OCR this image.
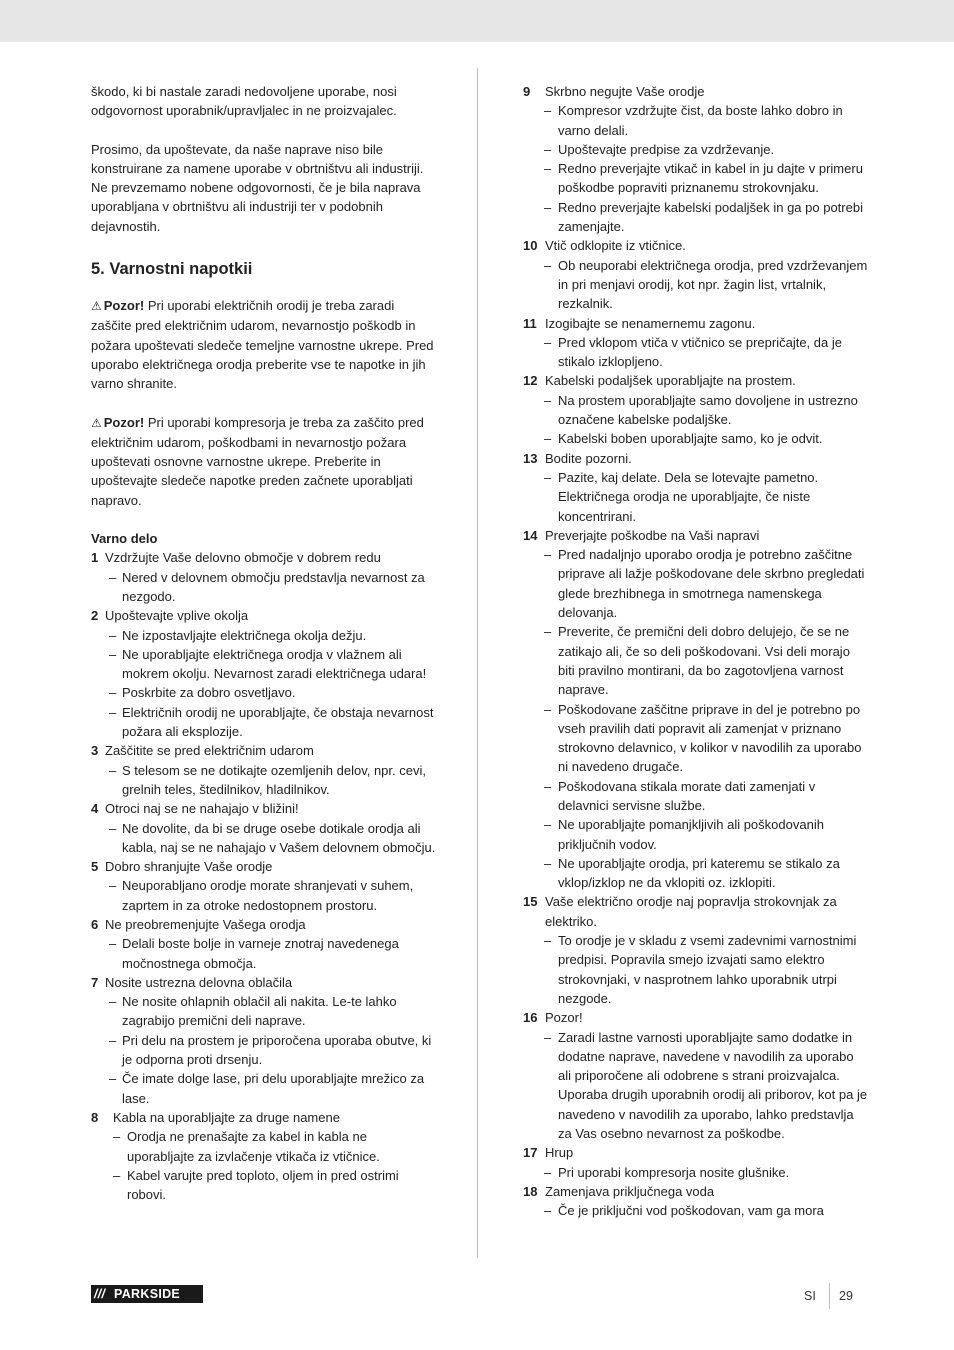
škodo, ki bi nastale zaradi nedovoljene uporabe, nosi odgovornost uporabnik/upravljalec in ne proizvajalec.

Prosimo, da upoštevate, da naše naprave niso bile konstruirane za namene uporabe v obrtništvu ali industriji. Ne prevzemamo nobene odgovornosti, če je bila naprava uporabljana v obrtništvu ali industriji ter v podobnih dejavnostih.

5. Varnostni napotkii

⚠ Pozor! Pri uporabi električnih orodij je treba zaradi zaščite pred električnim udarom, nevarnostjo poškodb in požara upoštevati sledeče temeljne varnostne ukrepe. Pred uporabo električnega orodja preberite vse te napotke in jih varno shranite.

⚠ Pozor! Pri uporabi kompresorja je treba za zaščito pred električnim udarom, poškodbami in nevarnostjo požara upoštevati osnovne varnostne ukrepe. Preberite in upoštevajte sledeče napotke preden začnete uporabljati napravo.

Varno delo

1 Vzdržujte Vaše delovno območje v dobrem redu
– Nered v delovnem območju predstavlja nevarnost za nezgodo.
2 Upoštevajte vplive okolja
– Ne izpostavljajte električnega okolja dežju.
– Ne uporabljajte električnega orodja v vlažnem ali mokrem okolju. Nevarnost zaradi električnega udara!
– Poskrbite za dobro osvetljavo.
– Električnih orodij ne uporabljajte, če obstaja nevarnost požara ali eksplozije.
3 Zaščitite se pred električnim udarom
– S telesom se ne dotikajte ozemljenih delov, npr. cevi, grelnih teles, štedilnikov, hladilnikov.
4 Otroci naj se ne nahajajo v bližini!
– Ne dovolite, da bi se druge osebe dotikale orodja ali kabla, naj se ne nahajajo v Vašem delovnem območju.
5 Dobro shranjujte Vaše orodje
– Neuporabljano orodje morate shranjevati v suhem, zaprtem in za otroke nedostopnem prostoru.
6 Ne preobremenjujte Vašega orodja
– Delali boste bolje in varneje znotraj navedenega močnostnega območja.
7 Nosite ustrezna delovna oblačila
– Ne nosite ohlapnih oblačil ali nakita. Le-te lahko zagrabijo premični deli naprave.
– Pri delu na prostem je priporočena uporaba obutve, ki je odporna proti drsenju.
– Če imate dolge lase, pri delu uporabljajte mrežico za lase.
8 Kabla na uporabljajte za druge namene
– Orodja ne prenašajte za kabel in kabla ne uporabljajte za izvlačenje vtikača iz vtičnice.
– Kabel varujte pred toploto, oljem in pred ostrimi robovi.
9 Skrbno negujte Vaše orodje
– Kompresor vzdržujte čist, da boste lahko dobro in varno delali.
– Upoštevajte predpise za vzdrževanje.
– Redno preverjajte vtikač in kabel in ju dajte v primeru poškodbe popraviti priznanemu strokovnjaku.
– Redno preverjajte kabelski podaljšek in ga po potrebi zamenjajte.
10 Vtič odklopite iz vtičnice.
– Ob neuporabi električnega orodja, pred vzdrževanjem in pri menjavi orodij, kot npr. žagin list, vrtalnik, rezkalnik.
11 Izogibajte se nenamernemu zagonu.
– Pred vklopom vtiča v vtičnico se prepričajte, da je stikalo izklopljeno.
12 Kabelski podaljšek uporabljajte na prostem.
– Na prostem uporabljajte samo dovoljene in ustrezno označene kabelske podaljške.
– Kabelski boben uporabljajte samo, ko je odvit.
13 Bodite pozorni.
– Pazite, kaj delate. Dela se lotevajte pametno. Električnega orodja ne uporabljajte, če niste koncentrirani.
14 Preverjajte poškodbe na Vaši napravi
– Pred nadaljnjo uporabo orodja je potrebno zaščitne priprave ali lažje poškodovane dele skrbno pregledati glede brezhibnega in smotrnega namenskega delovanja.
– Preverite, če premični deli dobro delujejo, če se ne zatikajo ali, če so deli poškodovani. Vsi deli morajo biti pravilno montirani, da bo zagotovljena varnost naprave.
– Poškodovane zaščitne priprave in del je potrebno po vseh pravilih dati popravit ali zamenjat v priznano strokovno delavnico, v kolikor v navodilih za uporabo ni navedeno drugače.
– Poškodovana stikala morate dati zamenjati v delavnici servisne službe.
– Ne uporabljajte pomanjkljivih ali poškodovanih priključnih vodov.
– Ne uporabljajte orodja, pri kateremu se stikalo za vklop/izklop ne da vklopiti oz. izklopiti.
15 Vaše električno orodje naj popravlja strokovnjak za elektriko.
– To orodje je v skladu z vsemi zadevnimi varnostnimi predpisi. Popravila smejo izvajati samo elektro strokovnjaki, v nasprotnem lahko uporabnik utrpi nezgode.
16 Pozor!
– Zaradi lastne varnosti uporabljajte samo dodatke in dodatne naprave, navedene v navodilih za uporabo ali priporočene ali odobrene s strani proizvajalca. Uporaba drugih uporabnih orodij ali priborov, kot pa je navedeno v navodilih za uporabo, lahko predstavlja za Vas osebno nevarnost za poškodbe.
17 Hrup
– Pri uporabi kompresorja nosite glušnike.
18 Zamenjava priključnega voda
– Če je priključni vod poškodovan, vam ga mora
/// PARKSIDE	SI 29
